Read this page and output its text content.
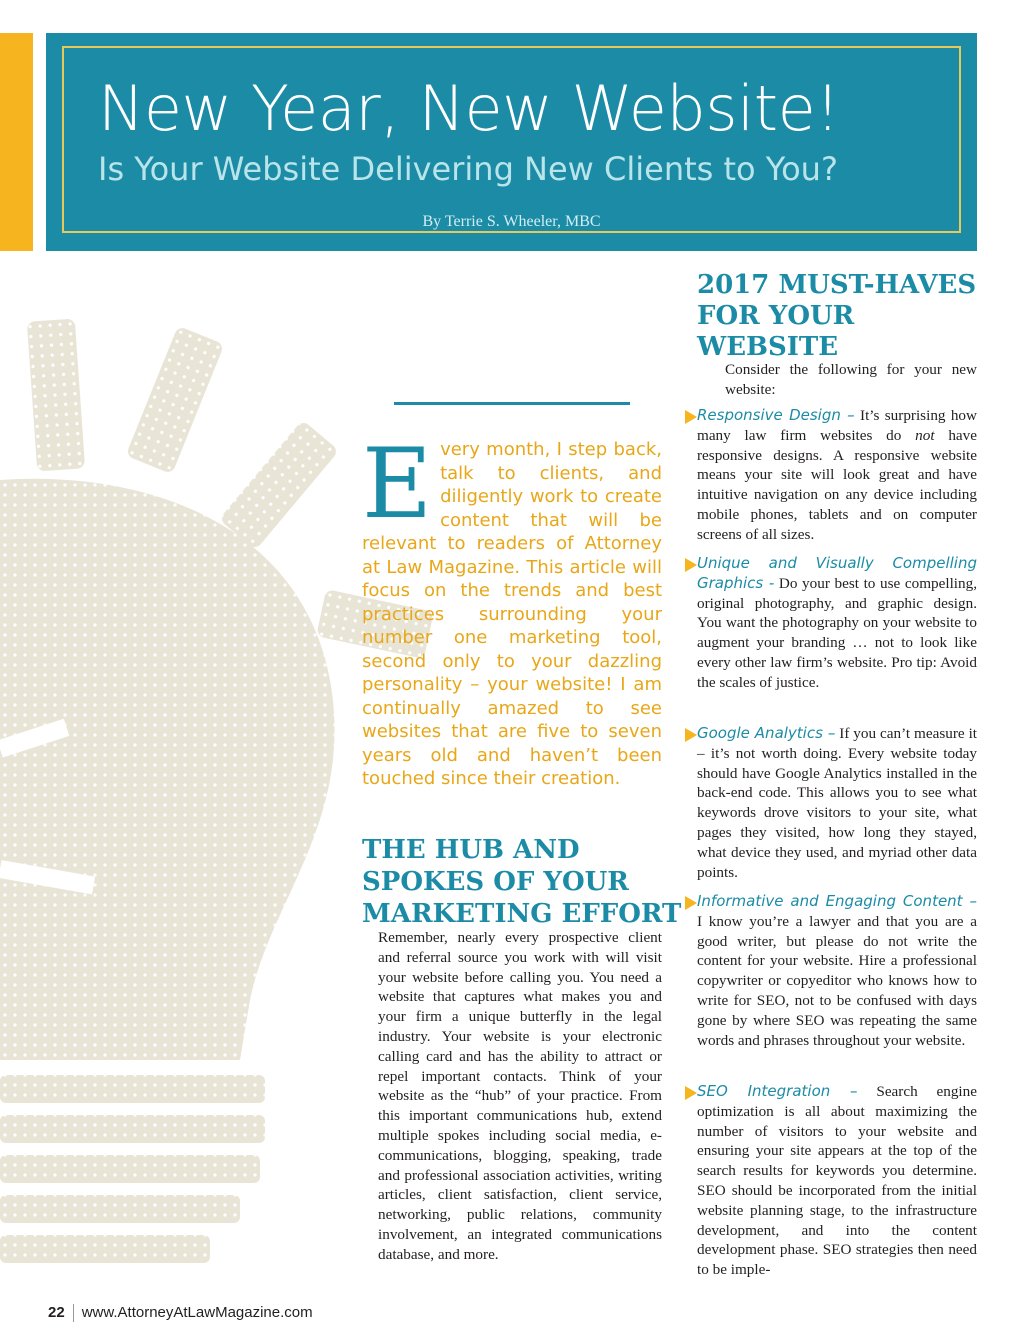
New Year, New Website!
Is Your Website Delivering New Clients to You?
By Terrie S. Wheeler, MBC
Every month, I step back, talk to clients, and diligently work to create content that will be relevant to readers of Attorney at Law Magazine. This article will focus on the trends and best practices surrounding your number one marketing tool, second only to your dazzling personality – your website! I am continually amazed to see websites that are five to seven years old and haven’t been touched since their creation.
THE HUB AND SPOKES OF YOUR MARKETING EFFORT
Remember, nearly every prospective client and referral source you work with will visit your website before calling you. You need a website that captures what makes you and your firm a unique butterfly in the legal industry. Your website is your electronic calling card and has the ability to attract or repel important contacts. Think of your website as the “hub” of your practice. From this important communications hub, extend multiple spokes including social media, e-communications, blogging, speaking, trade and professional association activities, writing articles, client satisfaction, client service, networking, public relations, community involvement, an integrated communications database, and more.
2017 MUST-HAVES FOR YOUR WEBSITE
Consider the following for your new website:
Responsive Design – It’s surprising how many law firm websites do not have responsive designs. A responsive website means your site will look great and have intuitive navigation on any device including mobile phones, tablets and on computer screens of all sizes.
Unique and Visually Compelling Graphics - Do your best to use compelling, original photography, and graphic design. You want the photography on your website to augment your branding … not to look like every other law firm’s website. Pro tip: Avoid the scales of justice.
Google Analytics – If you can’t measure it – it’s not worth doing. Every website today should have Google Analytics installed in the back-end code. This allows you to see what keywords drove visitors to your site, what pages they visited, how long they stayed, what device they used, and myriad other data points.
Informative and Engaging Content – I know you’re a lawyer and that you are a good writer, but please do not write the content for your website. Hire a professional copywriter or copyeditor who knows how to write for SEO, not to be confused with days gone by where SEO was repeating the same words and phrases throughout your website.
SEO Integration – Search engine optimization is all about maximizing the number of visitors to your website and ensuring your site appears at the top of the search results for keywords you determine. SEO should be incorporated from the initial website planning stage, to the infrastructure development, and into the content development phase. SEO strategies then need to be imple-
22 www.AttorneyAtLawMagazine.com
